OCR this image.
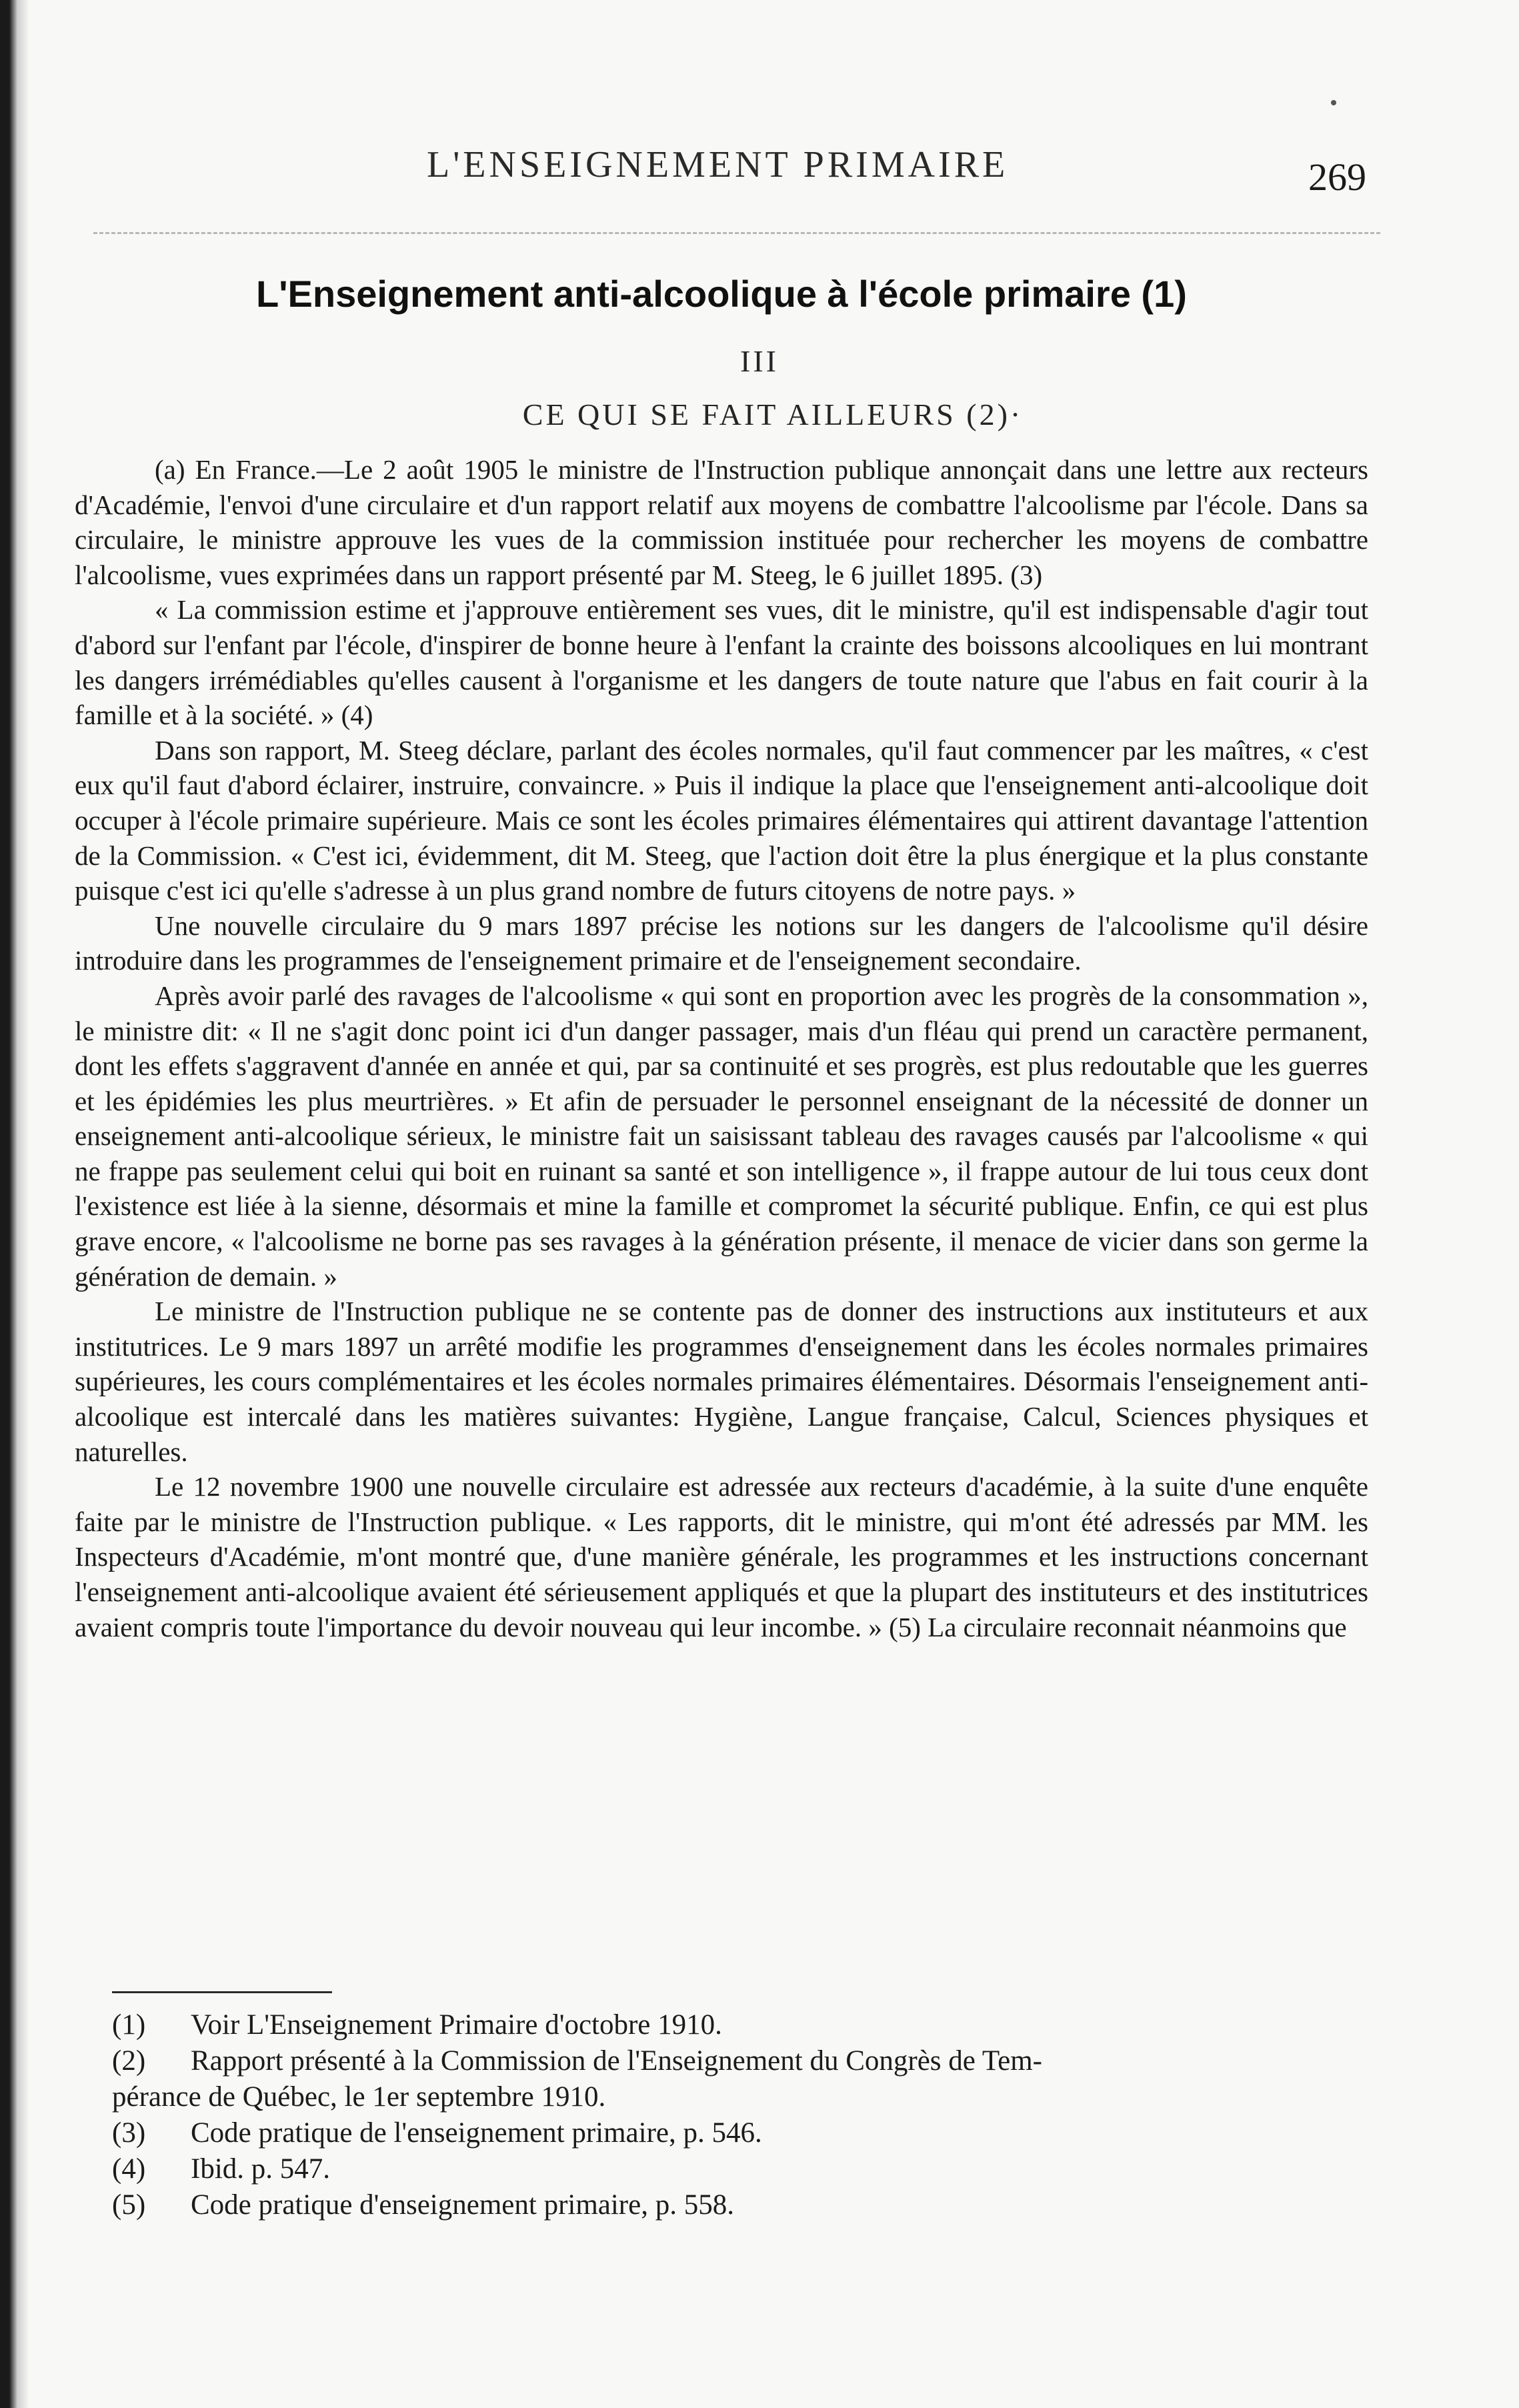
L'ENSEIGNEMENT PRIMAIRE	269
L'Enseignement anti-alcoolique à l'école primaire (1)
III
CE QUI SE FAIT AILLEURS (2)·

(a) En France.—Le 2 août 1905 le ministre de l'Instruction publique annonçait dans une lettre aux recteurs d'Académie, l'envoi d'une circulaire et d'un rapport relatif aux moyens de combattre l'alcoolisme par l'école. Dans sa circulaire, le ministre approuve les vues de la commission instituée pour rechercher les moyens de combattre l'alcoolisme, vues exprimées dans un rapport présenté par M. Steeg, le 6 juillet 1895. (3)

« La commission estime et j'approuve entièrement ses vues, dit le ministre, qu'il est indispensable d'agir tout d'abord sur l'enfant par l'école, d'inspirer de bonne heure à l'enfant la crainte des boissons alcooliques en lui montrant les dangers irrémédiables qu'elles causent à l'organisme et les dangers de toute nature que l'abus en fait courir à la famille et à la société. » (4)

Dans son rapport, M. Steeg déclare, parlant des écoles normales, qu'il faut commencer par les maîtres, « c'est eux qu'il faut d'abord éclairer, instruire, convaincre. » Puis il indique la place que l'enseignement anti-alcoolique doit occuper à l'école primaire supérieure. Mais ce sont les écoles primaires élémentaires qui attirent davantage l'attention de la Commission. « C'est ici, évidemment, dit M. Steeg, que l'action doit être la plus énergique et la plus constante puisque c'est ici qu'elle s'adresse à un plus grand nombre de futurs citoyens de notre pays. »

Une nouvelle circulaire du 9 mars 1897 précise les notions sur les dangers de l'alcoolisme qu'il désire introduire dans les programmes de l'enseignement primaire et de l'enseignement secondaire.

Après avoir parlé des ravages de l'alcoolisme « qui sont en proportion avec les progrès de la consommation », le ministre dit: « Il ne s'agit donc point ici d'un danger passager, mais d'un fléau qui prend un caractère permanent, dont les effets s'aggravent d'année en année et qui, par sa continuité et ses progrès, est plus redoutable que les guerres et les épidémies les plus meurtrières. » Et afin de persuader le personnel enseignant de la nécessité de donner un enseignement anti-alcoolique sérieux, le ministre fait un saisissant tableau des ravages causés par l'alcoolisme « qui ne frappe pas seulement celui qui boit en ruinant sa santé et son intelligence », il frappe autour de lui tous ceux dont l'existence est liée à la sienne, désormais et mine la famille et compromet la sécurité publique. Enfin, ce qui est plus grave encore, « l'alcoolisme ne borne pas ses ravages à la génération présente, il menace de vicier dans son germe la génération de demain. »

Le ministre de l'Instruction publique ne se contente pas de donner des instructions aux instituteurs et aux institutrices. Le 9 mars 1897 un arrêté modifie les programmes d'enseignement dans les écoles normales primaires supérieures, les cours complémentaires et les écoles normales primaires élémentaires. Désormais l'enseignement anti-alcoolique est intercalé dans les matières suivantes: Hygiène, Langue française, Calcul, Sciences physiques et naturelles.

Le 12 novembre 1900 une nouvelle circulaire est adressée aux recteurs d'académie, à la suite d'une enquête faite par le ministre de l'Instruction publique. « Les rapports, dit le ministre, qui m'ont été adressés par MM. les Inspecteurs d'Académie, m'ont montré que, d'une manière générale, les programmes et les instructions concernant l'enseignement anti-alcoolique avaient été sérieusement appliqués et que la plupart des instituteurs et des institutrices avaient compris toute l'importance du devoir nouveau qui leur incombe. » (5) La circulaire reconnait néanmoins que

(1) Voir L'Enseignement Primaire d'octobre 1910.

(2) Rapport présenté à la Commission de l'Enseignement du Congrès de Tem-

pérance de Québec, le 1er septembre 1910.

(3) Code pratique de l'enseignement primaire, p. 546.

(4) Ibid. p. 547.

(5) Code pratique d'enseignement primaire, p. 558.
